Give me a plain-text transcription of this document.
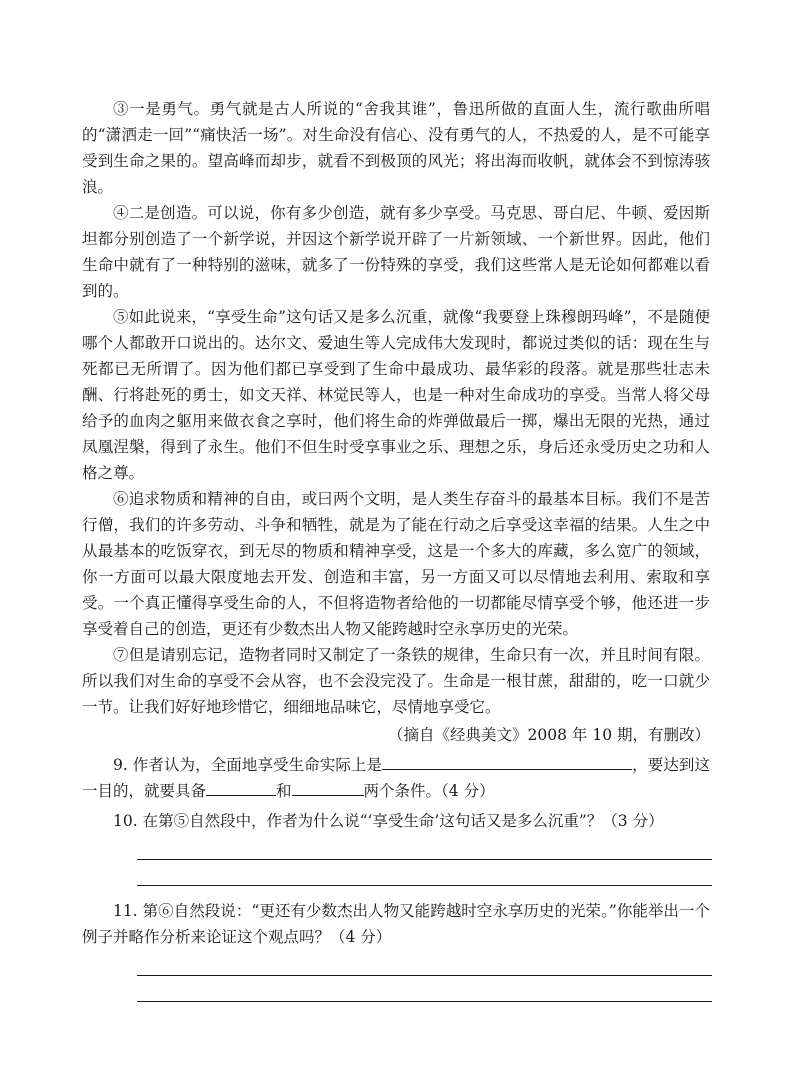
③一是勇气。勇气就是古人所说的“舍我其谁”，鲁迅所做的直面人生，流行歌曲所唱的“潇洒走一回”“痛快活一场”。对生命没有信心、没有勇气的人，不热爱的人，是不可能享受到生命之果的。望高峰而却步，就看不到极顶的风光；将出海而收帆，就体会不到惊涛骇浪。

④二是创造。可以说，你有多少创造，就有多少享受。马克思、哥白尼、牛顿、爱因斯坦都分别创造了一个新学说，并因这个新学说开辟了一片新领域、一个新世界。因此，他们生命中就有了一种特别的滋味，就多了一份特殊的享受，我们这些常人是无论如何都难以看到的。

⑤如此说来，“享受生命”这句话又是多么沉重，就像“我要登上珠穆朗玛峰”，不是随便哪个人都敢开口说出的。达尔文、爱迪生等人完成伟大发现时，都说过类似的话：现在生与死都已无所谓了。因为他们都已享受到了生命中最成功、最华彩的段落。就是那些壮志未酬、行将赴死的勇士，如文天祥、林觉民等人，也是一种对生命成功的享受。当常人将父母给予的血肉之躯用来做衣食之享时，他们将生命的炸弹做最后一掷，爆出无限的光热，通过凤凰涅槃，得到了永生。他们不但生时受享事业之乐、理想之乐，身后还永受历史之功和人格之尊。

⑥追求物质和精神的自由，或曰两个文明，是人类生存奋斗的最基本目标。我们不是苦行僧，我们的许多劳动、斗争和牺牲，就是为了能在行动之后享受这幸福的结果。人生之中从最基本的吃饭穿衣，到无尽的物质和精神享受，这是一个多大的库藏，多么宽广的领域，你一方面可以最大限度地去开发、创造和丰富，另一方面又可以尽情地去利用、索取和享受。一个真正懂得享受生命的人，不但将造物者给他的一切都能尽情享受个够，他还进一步享受着自己的创造，更还有少数杰出人物又能跨越时空永享历史的光荣。

⑦但是请别忘记，造物者同时又制定了一条铁的规律，生命只有一次，并且时间有限。所以我们对生命的享受不会从容，也不会没完没了。生命是一根甘蔗，甜甜的，吃一口就少一节。让我们好好地珍惜它，细细地品味它，尽情地享受它。

（摘自《经典美文》2008 年 10 期，有删改）

9. 作者认为，全面地享受生命实际上是	，要达到这一目的，就要具备	和	两个条件。（4 分）

10. 在第⑤自然段中，作者为什么说“‘享受生命’这句话又是多么沉重”？（3 分）

11. 第⑥自然段说：“更还有少数杰出人物又能跨越时空永享历史的光荣。”你能举出一个例子并略作分析来论证这个观点吗？（4 分）
